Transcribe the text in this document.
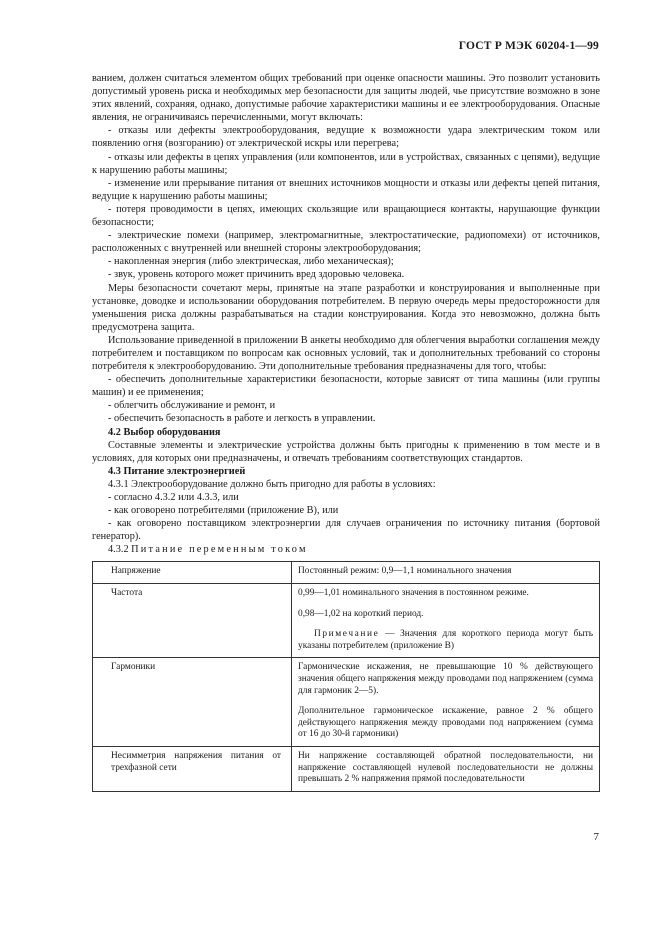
ГОСТ Р МЭК 60204-1—99

ванием, должен считаться элементом общих требований при оценке опасности машины. Это позволит установить допустимый уровень риска и необходимых мер безопасности для защиты людей, чье присутствие возможно в зоне этих явлений, сохраняя, однако, допустимые рабочие характеристики машины и ее электрооборудования. Опасные явления, не ограничиваясь перечисленными, могут включать:

- отказы или дефекты электрооборудования, ведущие к возможности удара электрическим током или появлению огня (возгоранию) от электрической искры или перегрева;

- отказы или дефекты в цепях управления (или компонентов, или в устройствах, связанных с цепями), ведущие к нарушению работы машины;

- изменение или прерывание питания от внешних источников мощности и отказы или дефекты цепей питания, ведущие к нарушению работы машины;

- потеря проводимости в цепях, имеющих скользящие или вращающиеся контакты, нарушающие функции безопасности;

- электрические помехи (например, электромагнитные, электростатические, радиопомехи) от источников, расположенных с внутренней или внешней стороны электрооборудования;

- накопленная энергия (либо электрическая, либо механическая);

- звук, уровень которого может причинить вред здоровью человека.

Меры безопасности сочетают меры, принятые на этапе разработки и конструирования и выполненные при установке, доводке и использовании оборудования потребителем. В первую очередь меры предосторожности для уменьшения риска должны разрабатываться на стадии конструирования. Когда это невозможно, должна быть предусмотрена защита.

Использование приведенной в приложении В анкеты необходимо для облегчения выработки соглашения между потребителем и поставщиком по вопросам как основных условий, так и дополнительных требований со стороны потребителя к электрооборудованию. Эти дополнительные требования предназначены для того, чтобы:

- обеспечить дополнительные характеристики безопасности, которые зависят от типа машины (или группы машин) и ее применения;

- облегчить обслуживание и ремонт, и

- обеспечить безопасность в работе и легкость в управлении.

4.2 Выбор оборудования

Составные элементы и электрические устройства должны быть пригодны к применению в том месте и в условиях, для которых они предназначены, и отвечать требованиям соответствующих стандартов.

4.3 Питание электроэнергией

4.3.1 Электрооборудование должно быть пригодно для работы в условиях:

- согласно 4.3.2 или 4.3.3, или

- как оговорено потребителями (приложение В), или

- как оговорено поставщиком электроэнергии для случаев ограничения по источнику питания (бортовой генератор).

4.3.2 Питание переменным током

Напряжение	Постоянный режим: 0,9—1,1 номинального значения

Частота	0,99—1,01 номинального значения в постоянном режиме.

0,98—1,02 на короткий период.

Примечание — Значения для короткого периода могут быть указаны потребителем (приложение В)

Гармоники	Гармонические искажения, не превышающие 10 % действующего значения общего напряжения между проводами под напряжением (сумма для гармоник 2—5).

Дополнительное гармоническое искажение, равное 2 % общего действующего напряжения между проводами под напряжением (сумма от 16 до 30-й гармоники)

Несимметрия напряжения питания от трехфазной сети	Ни напряжение составляющей обратной последовательности, ни напряжение составляющей нулевой последовательности не должны превышать 2 % напряжения прямой последовательности

7
